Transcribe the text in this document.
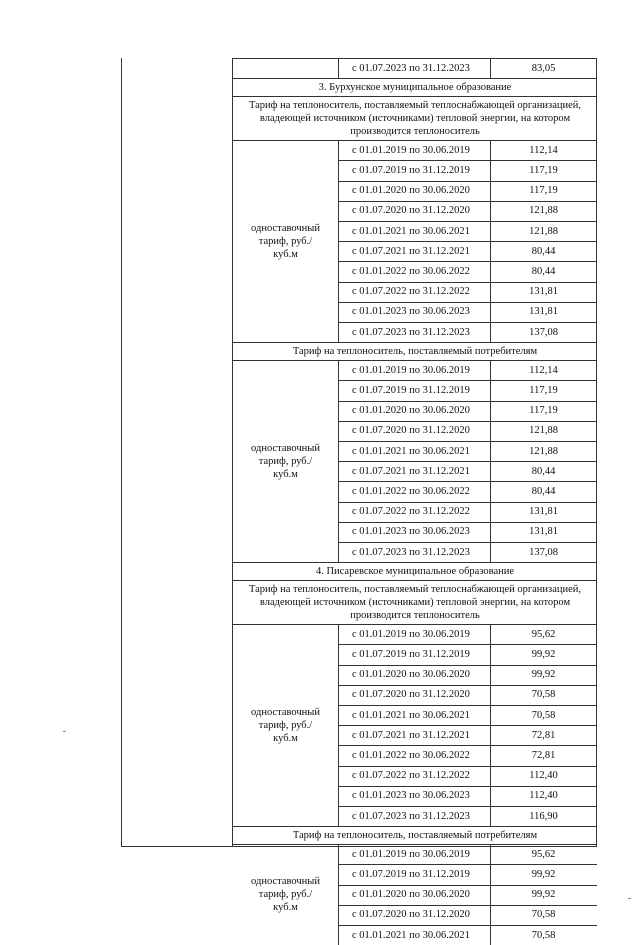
с 01.07.2023 по 31.12.2023	83,05
3. Бурхунское муниципальное образование
Тариф на теплоноситель, поставляемый теплоснабжающей организацией, владеющей источником (источниками) тепловой энергии, на котором производится теплоноситель
одноставочный тариф, руб./куб.м
с 01.01.2019 по 30.06.2019	112,14
с 01.07.2019 по 31.12.2019	117,19
с 01.01.2020 по 30.06.2020	117,19
с 01.07.2020 по 31.12.2020	121,88
с 01.01.2021 по 30.06.2021	121,88
с 01.07.2021 по 31.12.2021	80,44
с 01.01.2022 по 30.06.2022	80,44
с 01.07.2022 по 31.12.2022	131,81
с 01.01.2023 по 30.06.2023	131,81
с 01.07.2023 по 31.12.2023	137,08
Тариф на теплоноситель, поставляемый потребителям
одноставочный тариф, руб./куб.м
с 01.01.2019 по 30.06.2019	112,14
с 01.07.2019 по 31.12.2019	117,19
с 01.01.2020 по 30.06.2020	117,19
с 01.07.2020 по 31.12.2020	121,88
с 01.01.2021 по 30.06.2021	121,88
с 01.07.2021 по 31.12.2021	80,44
с 01.01.2022 по 30.06.2022	80,44
с 01.07.2022 по 31.12.2022	131,81
с 01.01.2023 по 30.06.2023	131,81
с 01.07.2023 по 31.12.2023	137,08
4. Писаревское муниципальное образование
Тариф на теплоноситель, поставляемый теплоснабжающей организацией, владеющей источником (источниками) тепловой энергии, на котором производится теплоноситель
одноставочный тариф, руб./куб.м
с 01.01.2019 по 30.06.2019	95,62
с 01.07.2019 по 31.12.2019	99,92
с 01.01.2020 по 30.06.2020	99,92
с 01.07.2020 по 31.12.2020	70,58
с 01.01.2021 по 30.06.2021	70,58
с 01.07.2021 по 31.12.2021	72,81
с 01.01.2022 по 30.06.2022	72,81
с 01.07.2022 по 31.12.2022	112,40
с 01.01.2023 по 30.06.2023	112,40
с 01.07.2023 по 31.12.2023	116,90
Тариф на теплоноситель, поставляемый потребителям
одноставочный тариф, руб./куб.м
с 01.01.2019 по 30.06.2019	95,62
с 01.07.2019 по 31.12.2019	99,92
с 01.01.2020 по 30.06.2020	99,92
с 01.07.2020 по 31.12.2020	70,58
с 01.01.2021 по 30.06.2021	70,58
